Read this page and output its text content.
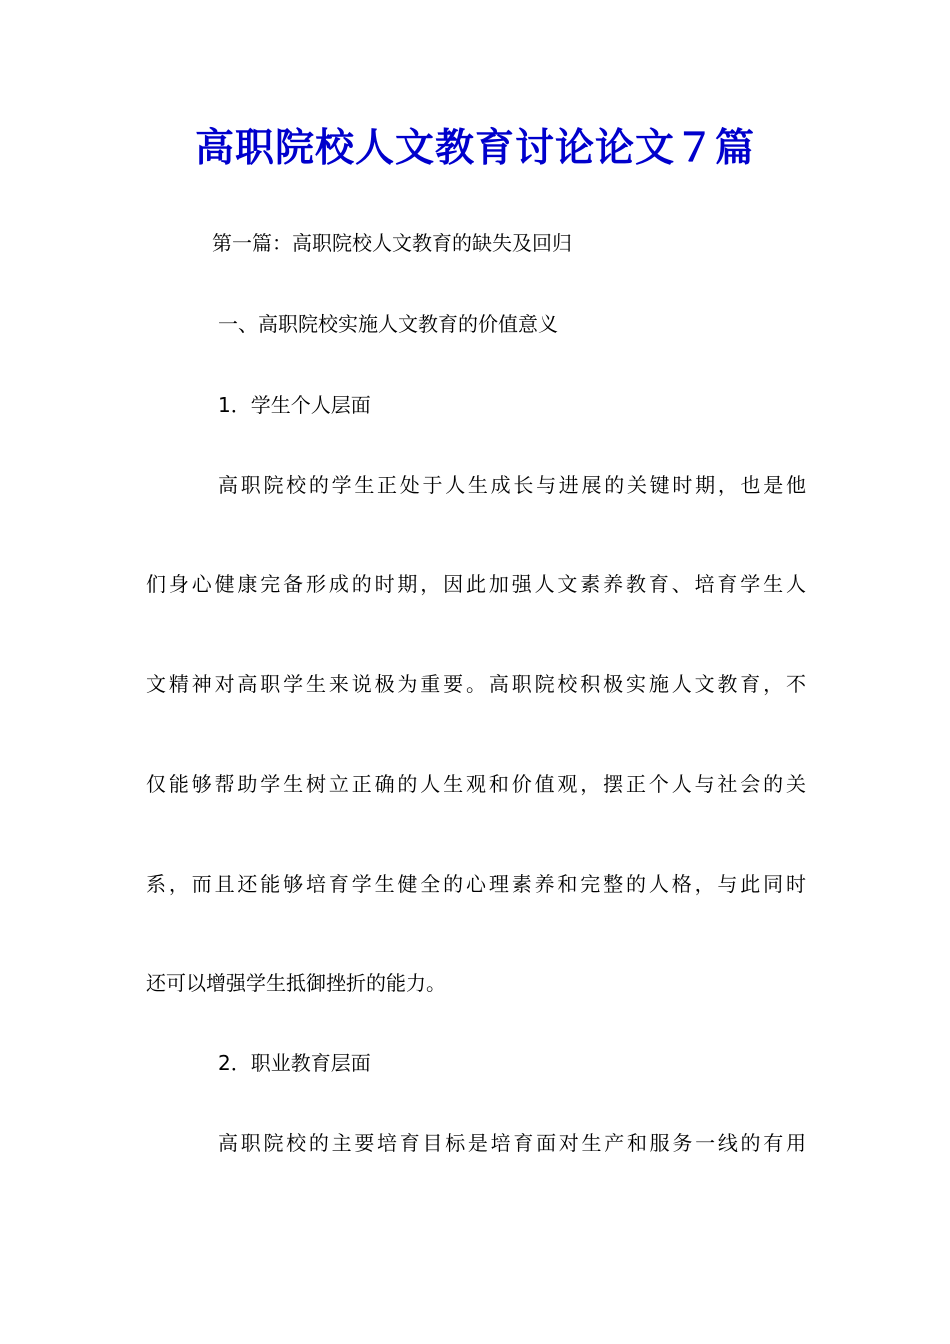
高职院校人文教育讨论论文７篇
第一篇：高职院校人文教育的缺失及回归
一、高职院校实施人文教育的价值意义
1．学生个人层面
高职院校的学生正处于人生成长与进展的关键时期，也是他
们身心健康完备形成的时期，因此加强人文素养教育、培育学生人
文精神对高职学生来说极为重要。高职院校积极实施人文教育，不
仅能够帮助学生树立正确的人生观和价值观，摆正个人与社会的关
系，而且还能够培育学生健全的心理素养和完整的人格，与此同时
还可以增强学生抵御挫折的能力。
2．职业教育层面
高职院校的主要培育目标是培育面对生产和服务一线的有用
